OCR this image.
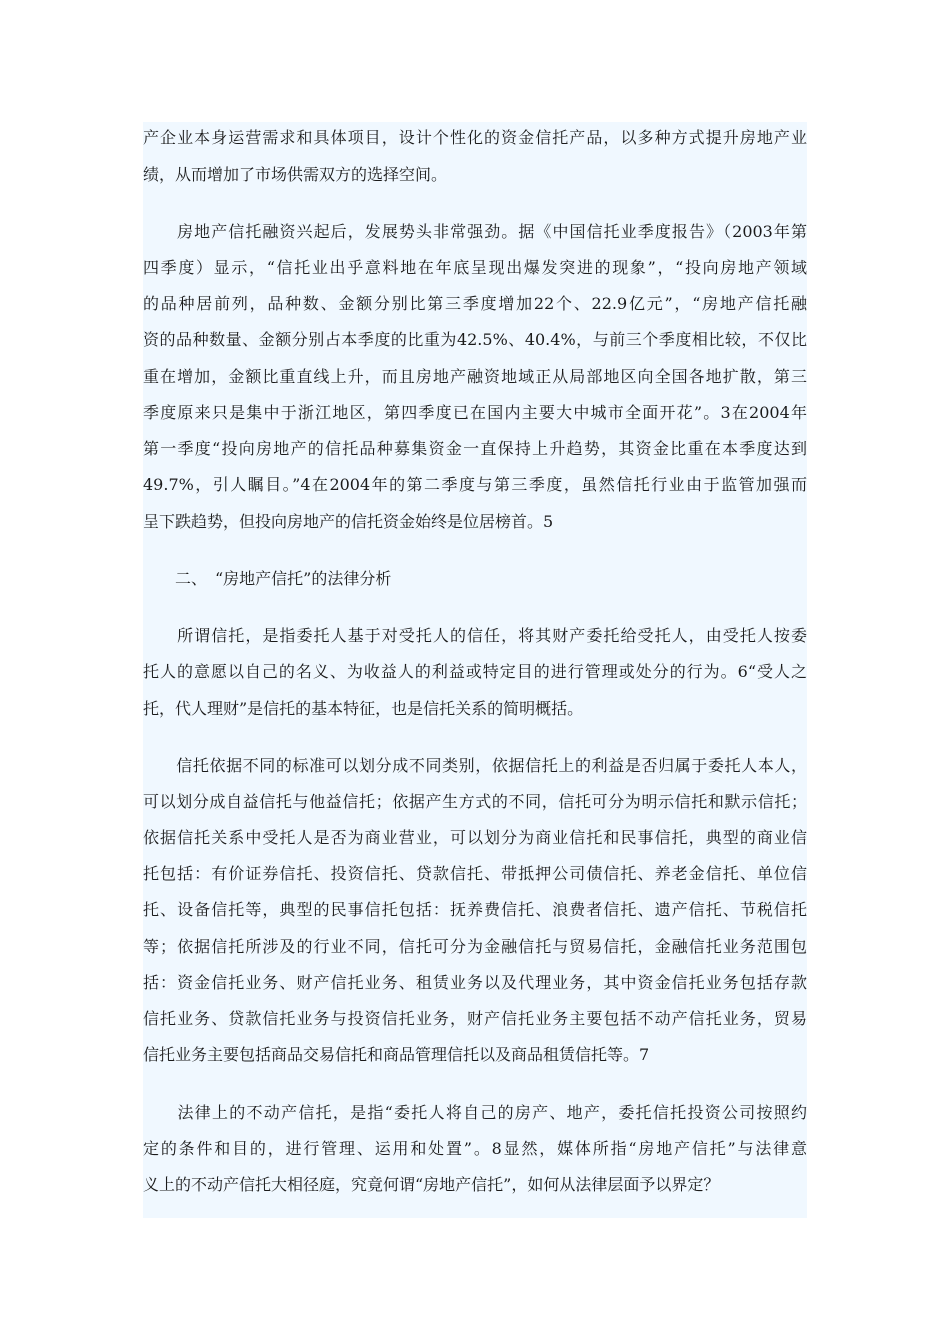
产企业本身运营需求和具体项目，设计个性化的资金信托产品，以多种方式提升房地产业

绩，从而增加了市场供需双方的选择空间。

　　房地产信托融资兴起后，发展势头非常强劲。据《中国信托业季度报告》（2003年第

四季度）显示，“信托业出乎意料地在年底呈现出爆发突进的现象”，“投向房地产领域

的品种居前列，品种数、金额分别比第三季度增加22个、22.9亿元”，“房地产信托融

资的品种数量、金额分别占本季度的比重为42.5%、40.4%，与前三个季度相比较，不仅比

重在增加，金额比重直线上升，而且房地产融资地域正从局部地区向全国各地扩散，第三

季度原来只是集中于浙江地区，第四季度已在国内主要大中城市全面开花”。3在2004年

第一季度“投向房地产的信托品种募集资金一直保持上升趋势，其资金比重在本季度达到

49.7%，引人瞩目。”4在2004年的第二季度与第三季度，虽然信托行业由于监管加强而

呈下跌趋势，但投向房地产的信托资金始终是位居榜首。5

　　二、　“房地产信托”的法律分析

　　所谓信托，是指委托人基于对受托人的信任，将其财产委托给受托人，由受托人按委

托人的意愿以自己的名义、为收益人的利益或特定目的进行管理或处分的行为。6“受人之

托，代人理财”是信托的基本特征，也是信托关系的简明概括。

　　信托依据不同的标准可以划分成不同类别，依据信托上的利益是否归属于委托人本人，

可以划分成自益信托与他益信托；依据产生方式的不同，信托可分为明示信托和默示信托；

依据信托关系中受托人是否为商业营业，可以划分为商业信托和民事信托，典型的商业信

托包括：有价证券信托、投资信托、贷款信托、带抵押公司债信托、养老金信托、单位信

托、设备信托等，典型的民事信托包括：抚养费信托、浪费者信托、遗产信托、节税信托

等；依据信托所涉及的行业不同，信托可分为金融信托与贸易信托，金融信托业务范围包

括：资金信托业务、财产信托业务、租赁业务以及代理业务，其中资金信托业务包括存款

信托业务、贷款信托业务与投资信托业务，财产信托业务主要包括不动产信托业务，贸易

信托业务主要包括商品交易信托和商品管理信托以及商品租赁信托等。7

　　法律上的不动产信托，是指“委托人将自己的房产、地产，委托信托投资公司按照约

定的条件和目的，进行管理、运用和处置”。8显然，媒体所指“房地产信托”与法律意

义上的不动产信托大相径庭，究竟何谓“房地产信托”，如何从法律层面予以界定？
